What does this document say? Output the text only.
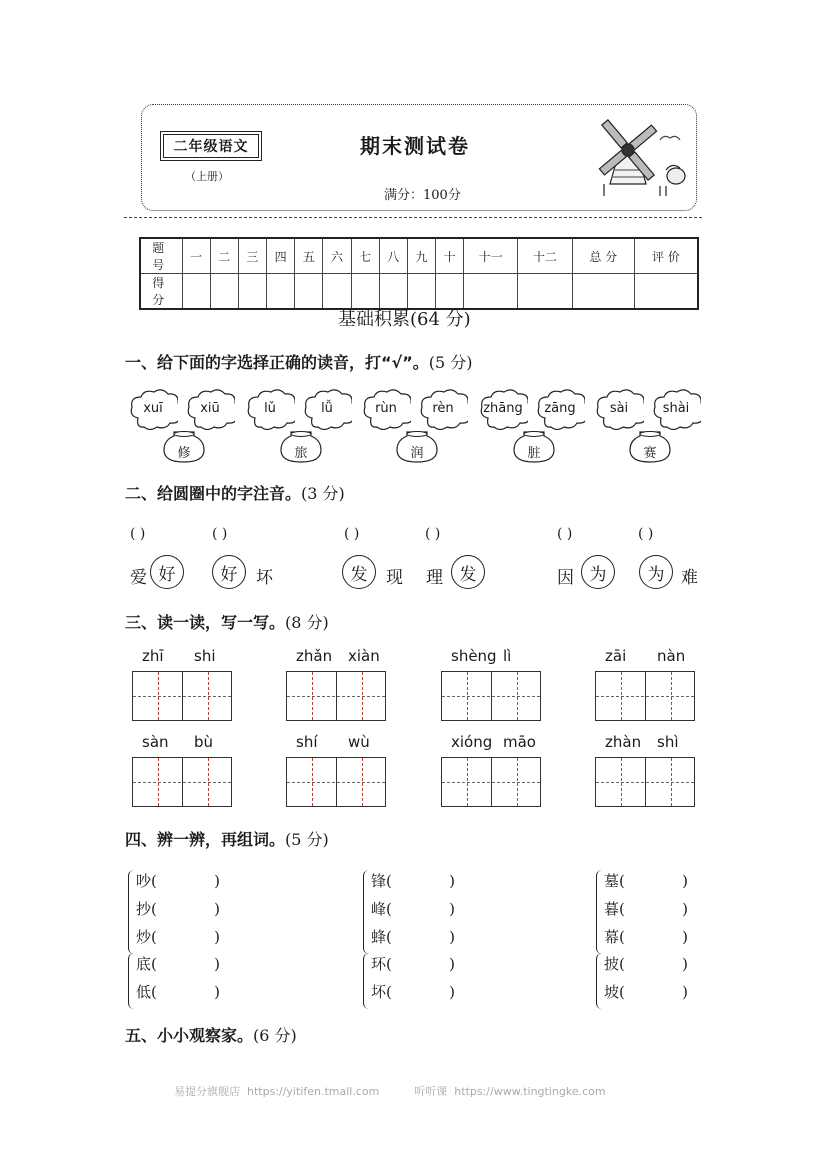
二年级语文
（上册）
期末测试卷
满分：100分
题 号	一	二	三	四	五	六	七	八	九	十	十一	十二	总 分	评 价
得 分														
基础积累(64 分)
一、给下面的字选择正确的读音，打“√”。(5 分)
xuī	xiū
修
lǔ	lǚ
旅
rùn	rèn
润
zhāng	zāng
脏
sài	shài
赛
二、给圆圈中的字注音。(3 分)
( )	( )	( )	( )	( )	( )
爱 好	好	坏	发	现 理 发	因 为	为 难
三、读一读，写一写。(8 分)
zhī shi	zhǎn xiàn	shèng lì	zāi nàn
sàn bù	shí wù	xióng māo	zhàn shì
四、辨一辨，再组词。(5 分)
吵(            )
抄(            )
炒(            )
锋(            )
峰(            )
蜂(            )
墓(            )
暮(            )
幕(            )
底(            )
低(            )
环(            )
坏(            )
披(            )
坡(            )
五、小小观察家。(6 分)
易提分旗舰店  https://yitifen.tmall.com          听听课  https://www.tingtingke.com
